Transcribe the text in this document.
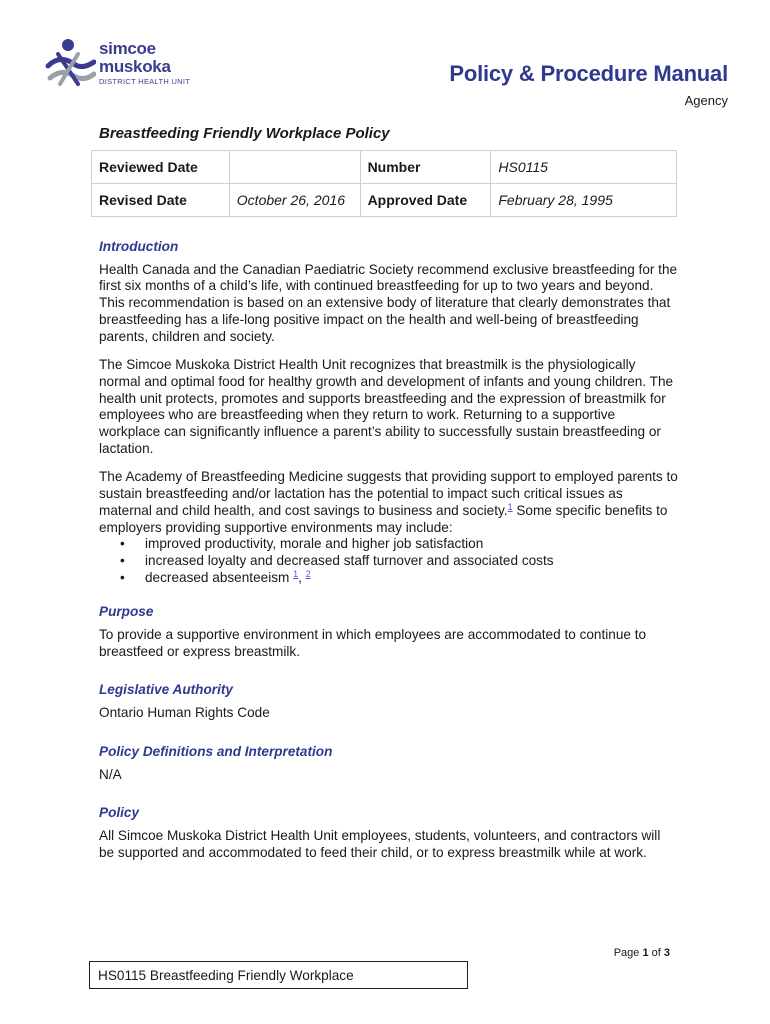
simcoe
muskoka
DISTRICT HEALTH UNIT	Policy & Procedure Manual
Agency
Breastfeeding Friendly Workplace Policy
Reviewed Date		Number	HS0115
Revised Date	October 26, 2016	Approved Date	February 28, 1995
Introduction

Health Canada and the Canadian Paediatric Society recommend exclusive breastfeeding for the first six months of a child’s life, with continued breastfeeding for up to two years and beyond. This recommendation is based on an extensive body of literature that clearly demonstrates that breastfeeding has a life-long positive impact on the health and well-being of breastfeeding parents, children and society.

The Simcoe Muskoka District Health Unit recognizes that breastmilk is the physiologically normal and optimal food for healthy growth and development of infants and young children. The health unit protects, promotes and supports breastfeeding and the expression of breastmilk for employees who are breastfeeding when they return to work. Returning to a supportive workplace can significantly influence a parent’s ability to successfully sustain breastfeeding or lactation.

The Academy of Breastfeeding Medicine suggests that providing support to employed parents to sustain breastfeeding and/or lactation has the potential to impact such critical issues as maternal and child health, and cost savings to business and society.$^1$ Some specific benefits to employers providing supportive environments may include:

• improved productivity, morale and higher job satisfaction
• increased loyalty and decreased staff turnover and associated costs
• decreased absenteeism $^1$, $^2$
Purpose

To provide a supportive environment in which employees are accommodated to continue to breastfeed or express breastmilk.

Legislative Authority

Ontario Human Rights Code

Policy Definitions and Interpretation

N/A

Policy

All Simcoe Muskoka District Health Unit employees, students, volunteers, and contractors will be supported and accommodated to feed their child, or to express breastmilk while at work.

Page 1 of 3
HS0115 Breastfeeding Friendly Workplace
